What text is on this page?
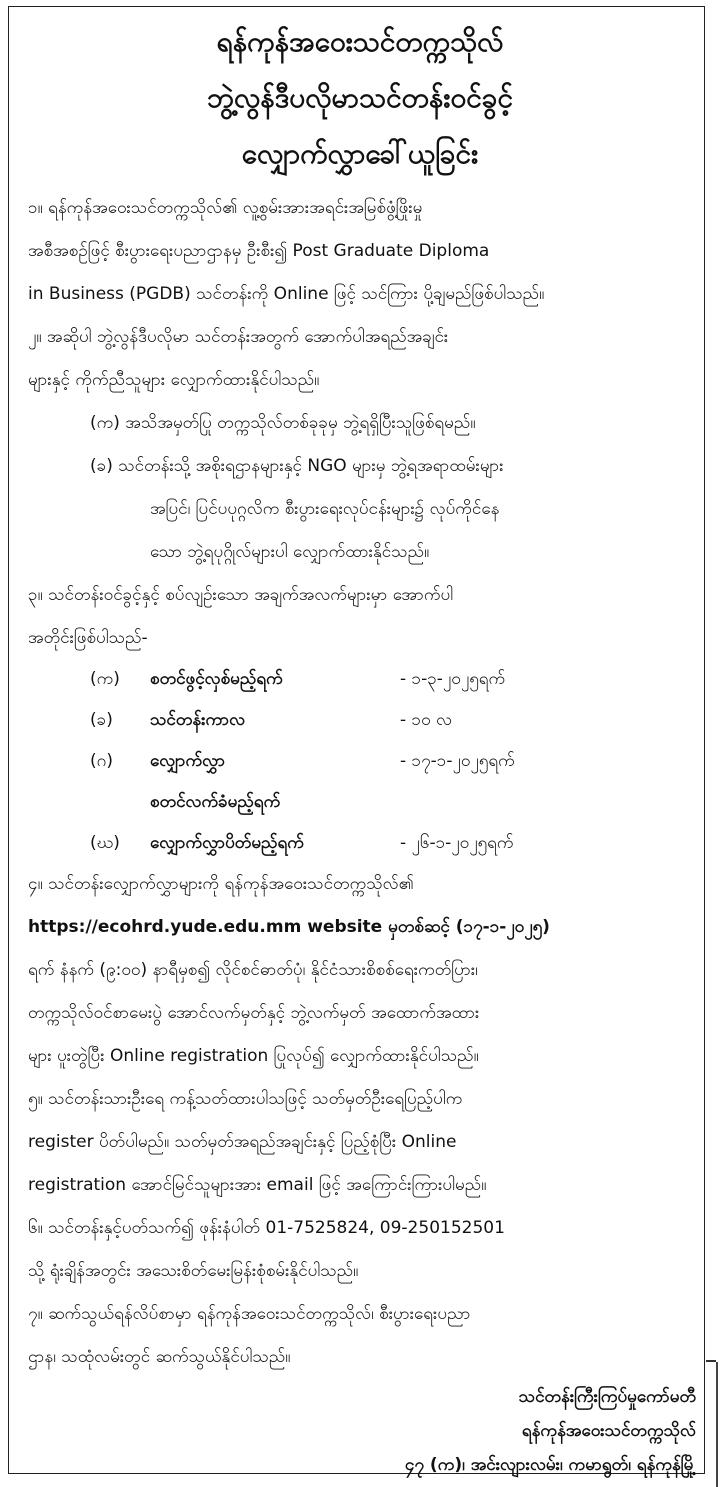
ရန်ကုန်အဝေးသင်တက္ကသိုလ်
ဘွဲ့လွန်ဒီပလိုမာသင်တန်းဝင်ခွင့်
လျှောက်လွှာခေါ်ယူခြင်း
၁။ ရန်ကုန်အဝေးသင်တက္ကသိုလ်၏ လူ့စွမ်းအားအရင်းအမြစ်ဖွံ့ဖြိုးမှု
အစီအစဉ်ဖြင့် စီးပွားရေးပညာဌာနမှ ဦးစီး၍ Post Graduate Diploma
in Business (PGDB) သင်တန်းကို Online ဖြင့် သင်ကြား ပို့ချမည်ဖြစ်ပါသည်။
၂။ အဆိုပါ ဘွဲ့လွန်ဒီပလိုမာ သင်တန်းအတွက် အောက်ပါအရည်အချင်း
များနှင့် ကိုက်ညီသူများ လျှောက်ထားနိုင်ပါသည်။
(က) အသိအမှတ်ပြု တက္ကသိုလ်တစ်ခုခုမှ ဘွဲ့ရရှိပြီးသူဖြစ်ရမည်။
(ခ) သင်တန်းသို့ အစိုးရဌာနများနှင့် NGO များမှ ဘွဲ့ရအရာထမ်းများ
အပြင်၊ ပြင်ပပုဂ္ဂလိက စီးပွားရေးလုပ်ငန်းများ၌ လုပ်ကိုင်နေ
သော ဘွဲ့ရပုဂ္ဂိုလ်များပါ လျှောက်ထားနိုင်သည်။
၃။ သင်တန်းဝင်ခွင့်နှင့် စပ်လျဉ်းသော အချက်အလက်များမှာ အောက်ပါ
အတိုင်းဖြစ်ပါသည်-
(က) စတင်ဖွင့်လှစ်မည့်ရက်	- ၁-၃-၂၀၂၅ရက်
(ခ) သင်တန်းကာလ	- ၁၀ လ
(ဂ) လျှောက်လွှာ	- ၁၇-၁-၂၀၂၅ရက်
စတင်လက်ခံမည့်ရက်
(ဃ) လျှောက်လွှာပိတ်မည့်ရက်	- ၂၆-၁-၂၀၂၅ရက်
၄။ သင်တန်းလျှောက်လွှာများကို ရန်ကုန်အဝေးသင်တက္ကသိုလ်၏
https://ecohrd.yude.edu.mm website မှတစ်ဆင့် (၁၇-၁-၂၀၂၅)
ရက် နံနက် (၉:၀၀) နာရီမှစ၍ လိုင်စင်ဓာတ်ပုံ၊ နိုင်ငံသားစိစစ်ရေးကတ်ပြား၊
တက္ကသိုလ်ဝင်စာမေးပွဲ အောင်လက်မှတ်နှင့် ဘွဲ့လက်မှတ် အထောက်အထား
များ ပူးတွဲပြီး Online registration ပြုလုပ်၍ လျှောက်ထားနိုင်ပါသည်။
၅။ သင်တန်းသားဦးရေ ကန့်သတ်ထားပါသဖြင့် သတ်မှတ်ဦးရေပြည့်ပါက
register ပိတ်ပါမည်။ သတ်မှတ်အရည်အချင်းနှင့် ပြည့်စုံပြီး Online
registration အောင်မြင်သူများအား email ဖြင့် အကြောင်းကြားပါမည်။
၆။ သင်တန်းနှင့်ပတ်သက်၍ ဖုန်းနံပါတ် 01-7525824, 09-250152501
သို့ ရုံးချိန်အတွင်း အသေးစိတ်မေးမြန်းစုံစမ်းနိုင်ပါသည်။
၇။ ဆက်သွယ်ရန်လိပ်စာမှာ ရန်ကုန်အဝေးသင်တက္ကသိုလ်၊ စီးပွားရေးပညာ
ဌာန၊ သထုံလမ်းတွင် ဆက်သွယ်နိုင်ပါသည်။
သင်တန်းကြီးကြပ်မှုကော်မတီ
ရန်ကုန်အဝေးသင်တက္ကသိုလ်
၄၇ (က)၊ အင်းလျားလမ်း၊ ကမာရွတ်၊ ရန်ကုန်မြို့
